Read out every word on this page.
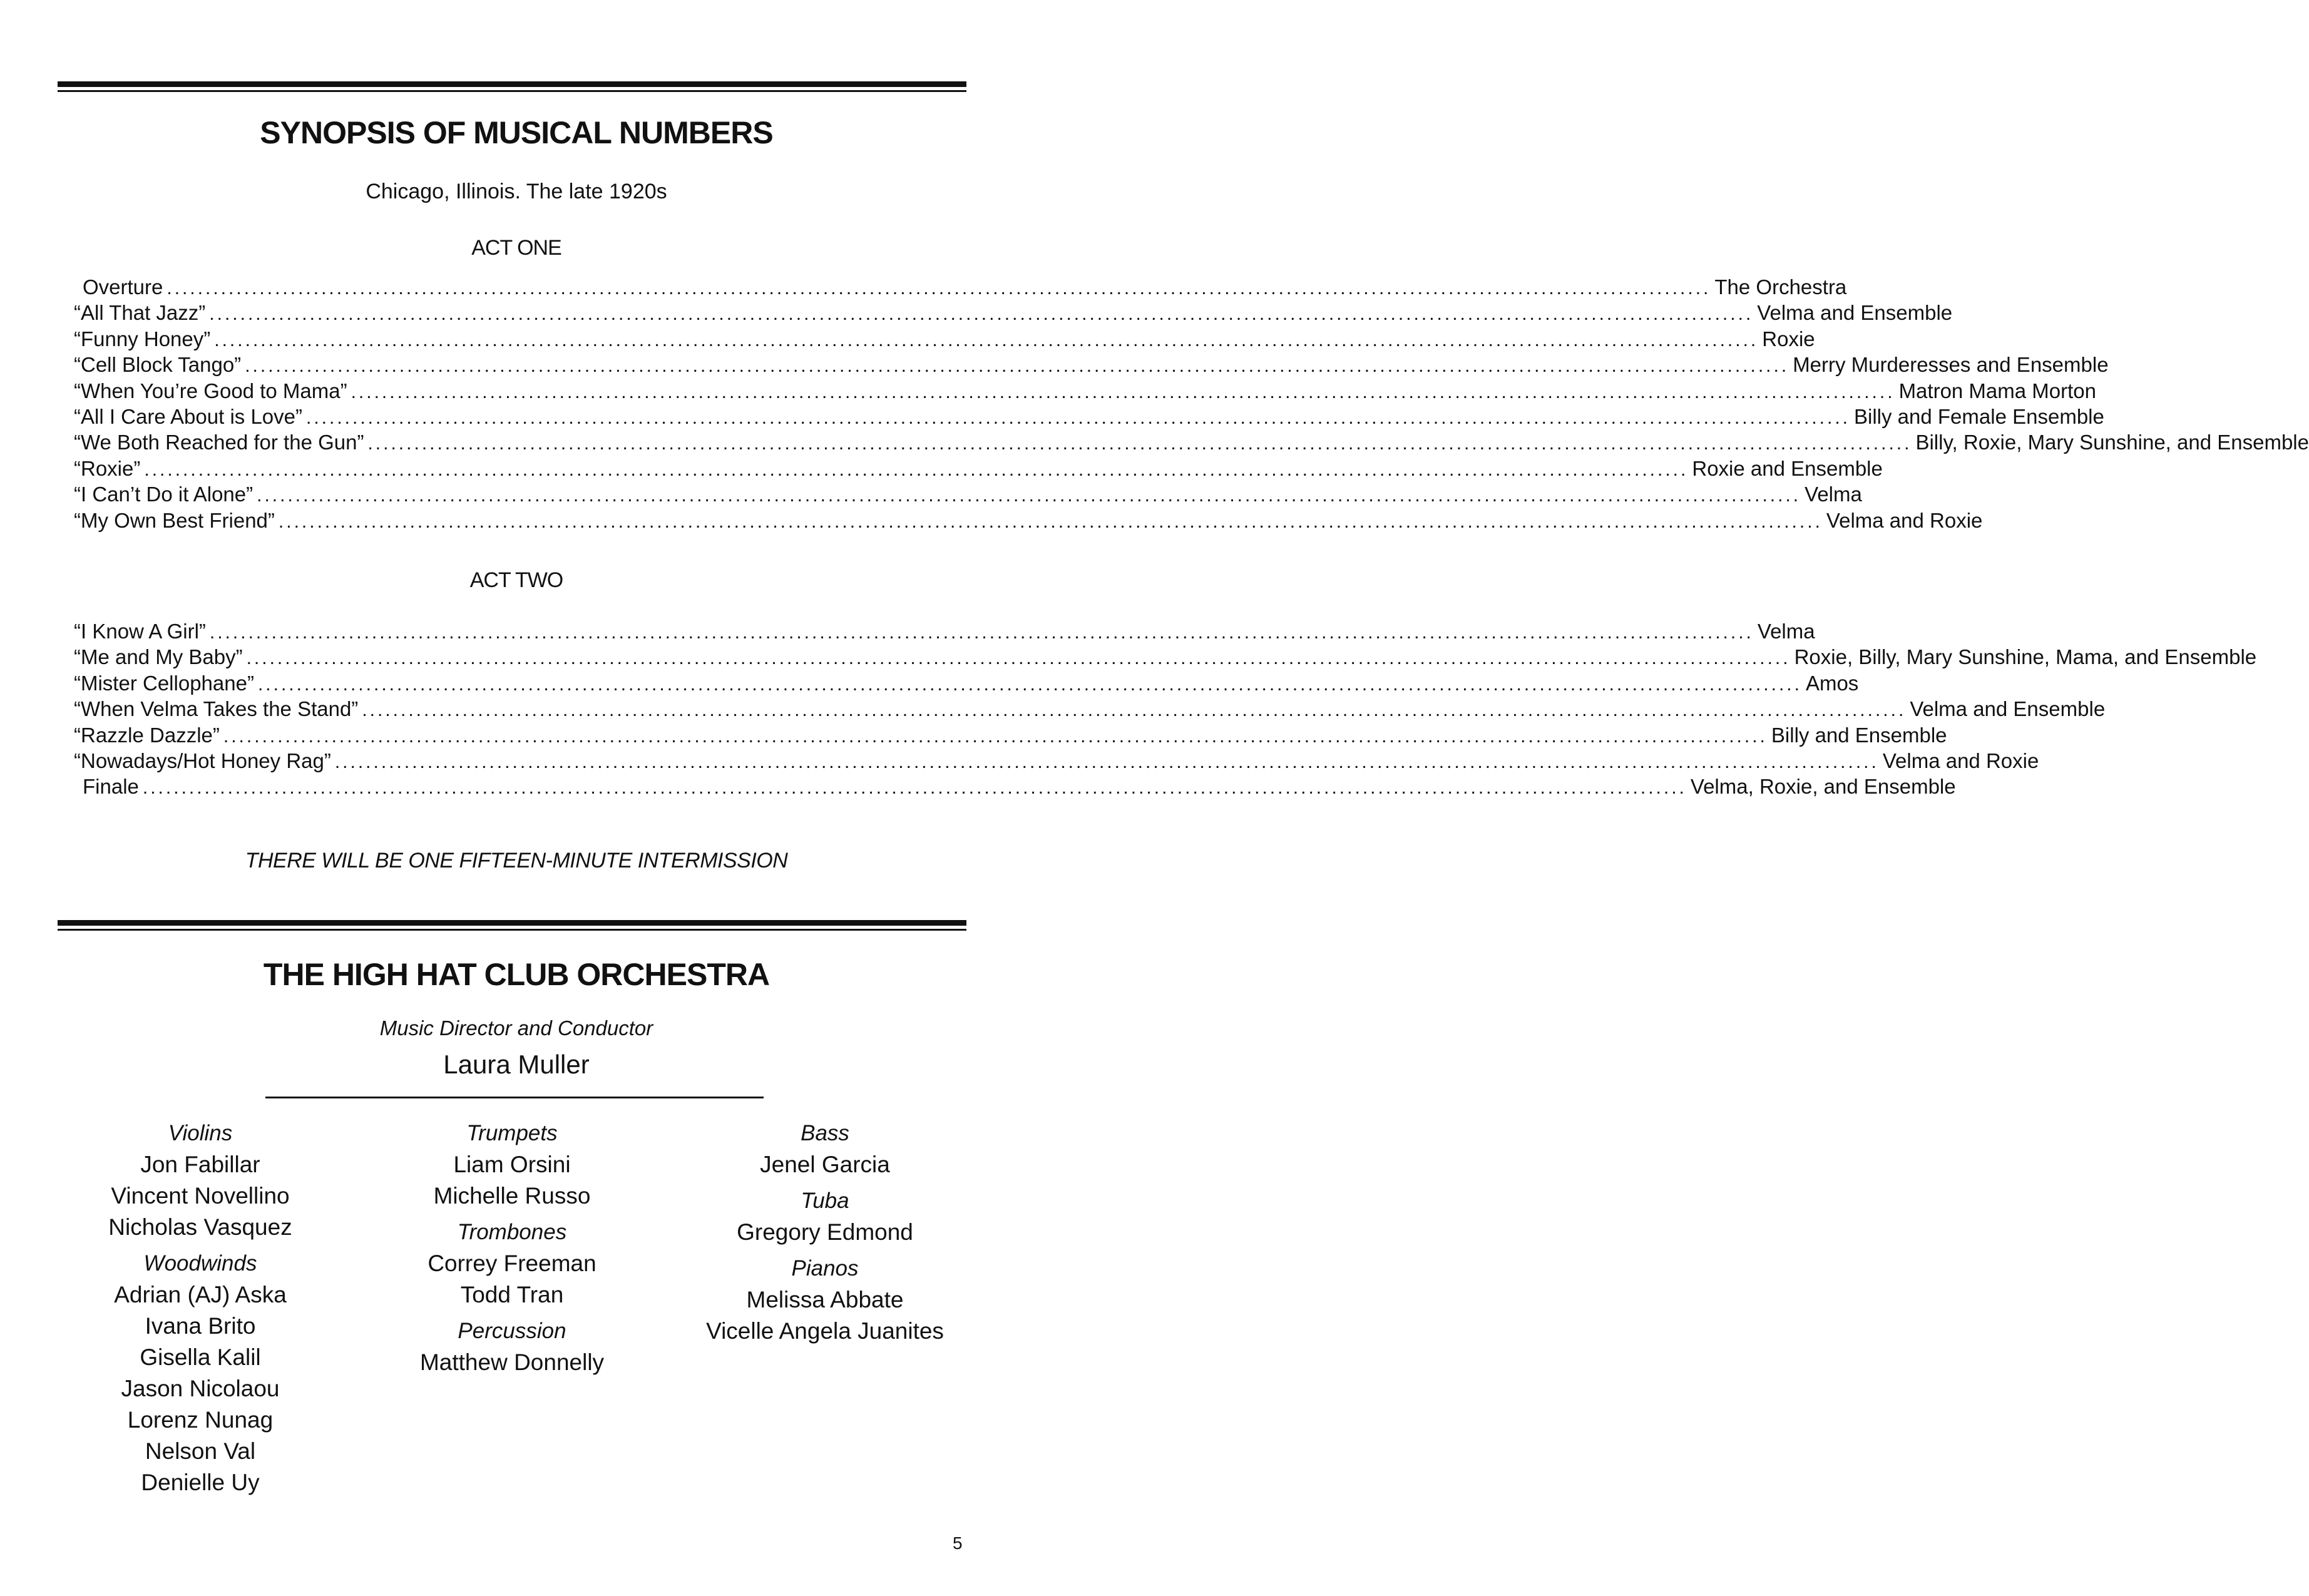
SYNOPSIS OF MUSICAL NUMBERS
Chicago, Illinois. The late 1920s
ACT ONE
Overture ........................................................................................................................................................................................................ The Orchestra
“All That Jazz” ........................................................................................................................................................................................................ Velma and Ensemble
“Funny Honey” ........................................................................................................................................................................................................ Roxie
“Cell Block Tango” ........................................................................................................................................................................................................ Merry Murderesses and Ensemble
“When You’re Good to Mama” ........................................................................................................................................................................................................ Matron Mama Morton
“All I Care About is Love” ........................................................................................................................................................................................................ Billy and Female Ensemble
“We Both Reached for the Gun” ........................................................................................................................................................................................................ Billy, Roxie, Mary Sunshine, and Ensemble
“Roxie” ........................................................................................................................................................................................................ Roxie and Ensemble
“I Can’t Do it Alone” ........................................................................................................................................................................................................ Velma
“My Own Best Friend” ........................................................................................................................................................................................................ Velma and Roxie
ACT TWO
“I Know A Girl” ........................................................................................................................................................................................................ Velma
“Me and My Baby” ........................................................................................................................................................................................................ Roxie, Billy, Mary Sunshine, Mama, and Ensemble
“Mister Cellophane” ........................................................................................................................................................................................................ Amos
“When Velma Takes the Stand” ........................................................................................................................................................................................................ Velma and Ensemble
“Razzle Dazzle” ........................................................................................................................................................................................................ Billy and Ensemble
“Nowadays/Hot Honey Rag” ........................................................................................................................................................................................................ Velma and Roxie
Finale ........................................................................................................................................................................................................ Velma, Roxie, and Ensemble
THERE WILL BE ONE FIFTEEN-MINUTE INTERMISSION
THE HIGH HAT CLUB ORCHESTRA
Music Director and Conductor
Laura Muller
Violins
Jon Fabillar
Vincent Novellino
Nicholas Vasquez
Woodwinds
Adrian (AJ) Aska
Ivana Brito
Gisella Kalil
Jason Nicolaou
Lorenz Nunag
Nelson Val
Denielle Uy
Trumpets
Liam Orsini
Michelle Russo
Trombones
Correy Freeman
Todd Tran
Percussion
Matthew Donnelly
Bass
Jenel Garcia
Tuba
Gregory Edmond
Pianos
Melissa Abbate
Vicelle Angela Juanites
5
